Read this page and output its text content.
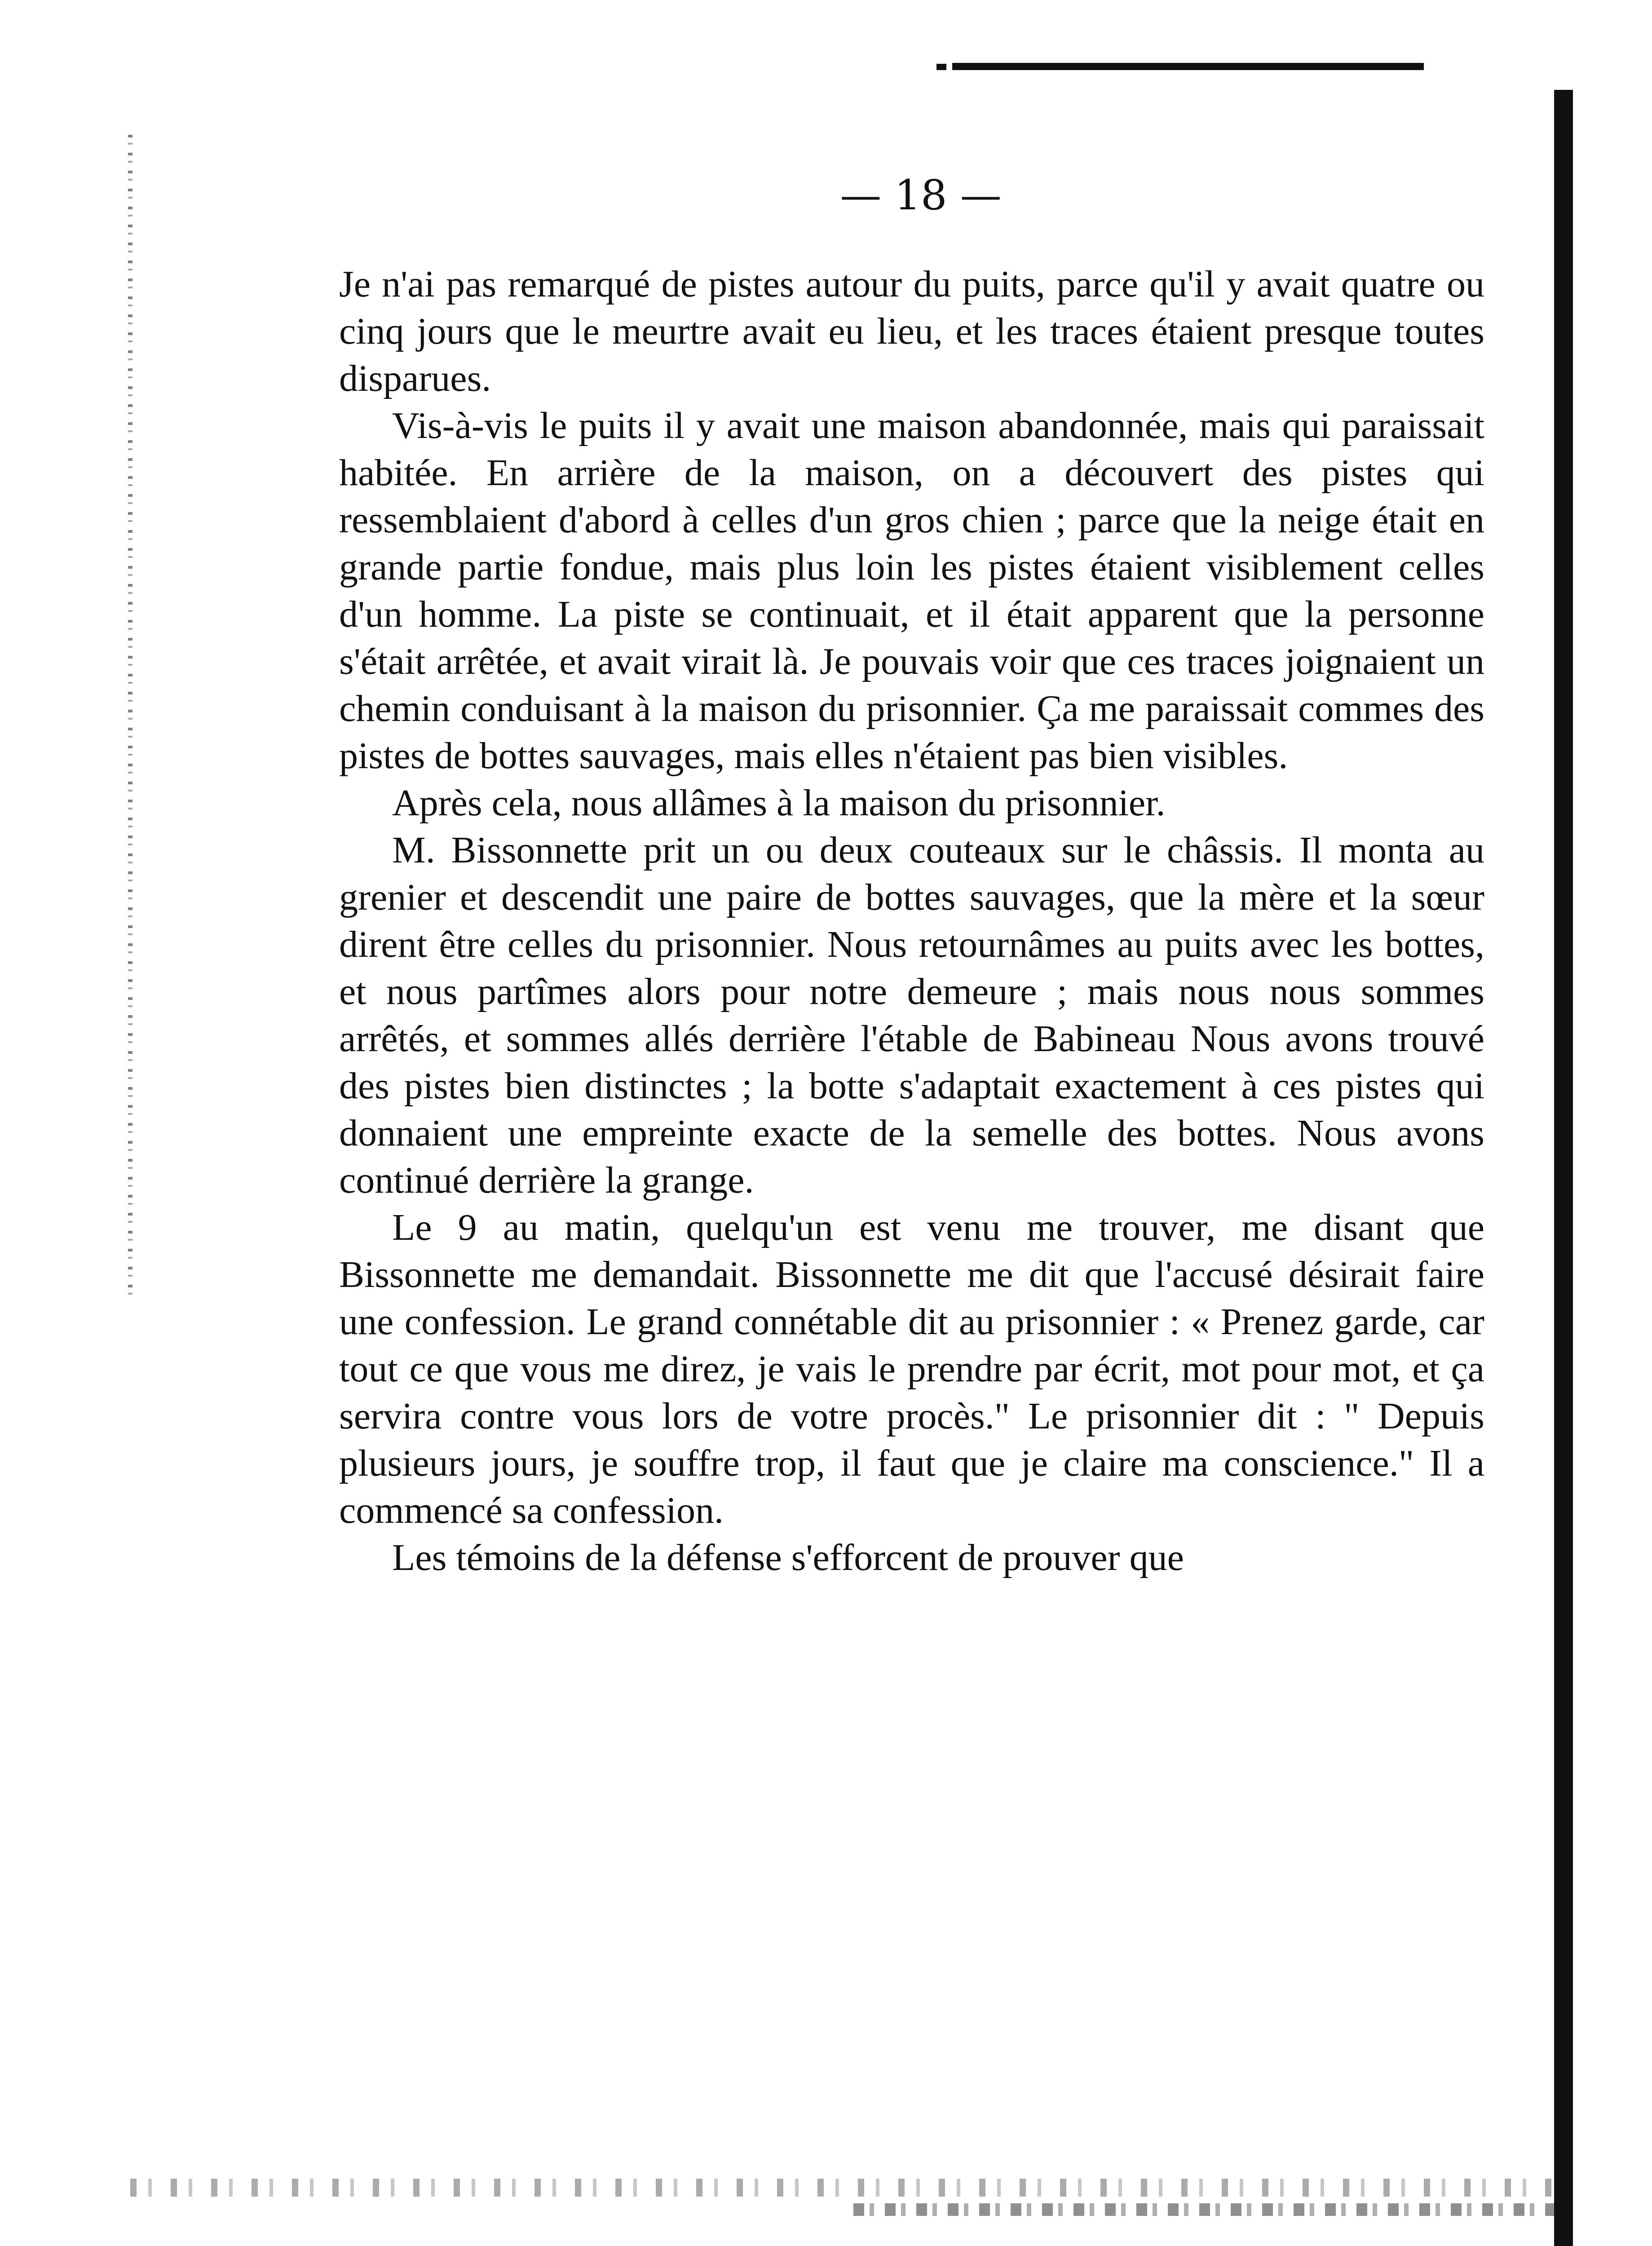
— 18 —

Je n'ai pas remarqué de pistes autour du puits, parce qu'il y avait quatre ou cinq jours que le meurtre avait eu lieu, et les traces étaient presque toutes disparues.

Vis-à-vis le puits il y avait une maison abandonnée, mais qui paraissait habitée. En arrière de la maison, on a découvert des pistes qui ressemblaient d'abord à celles d'un gros chien ; parce que la neige était en grande partie fondue, mais plus loin les pistes étaient visiblement celles d'un homme. La piste se continuait, et il était apparent que la personne s'était arrêtée, et avait virait là. Je pouvais voir que ces traces joignaient un chemin conduisant à la maison du prisonnier. Ça me paraissait commes des pistes de bottes sauvages, mais elles n'étaient pas bien visibles.

Après cela, nous allâmes à la maison du prisonnier.

M. Bissonnette prit un ou deux couteaux sur le châssis. Il monta au grenier et descendit une paire de bottes sauvages, que la mère et la sœur dirent être celles du prisonnier. Nous retournâmes au puits avec les bottes, et nous partîmes alors pour notre demeure ; mais nous nous sommes arrêtés, et sommes allés derrière l'étable de Babineau Nous avons trouvé des pistes bien distinctes ; la botte s'adaptait exactement à ces pistes qui donnaient une empreinte exacte de la semelle des bottes. Nous avons continué derrière la grange.

Le 9 au matin, quelqu'un est venu me trouver, me disant que Bissonnette me demandait. Bissonnette me dit que l'accusé désirait faire une confession. Le grand connétable dit au prisonnier : « Prenez garde, car tout ce que vous me direz, je vais le prendre par écrit, mot pour mot, et ça servira contre vous lors de votre procès." Le prisonnier dit : " Depuis plusieurs jours, je souffre trop, il faut que je claire ma conscience." Il a commencé sa confession.

Les témoins de la défense s'efforcent de prouver que
